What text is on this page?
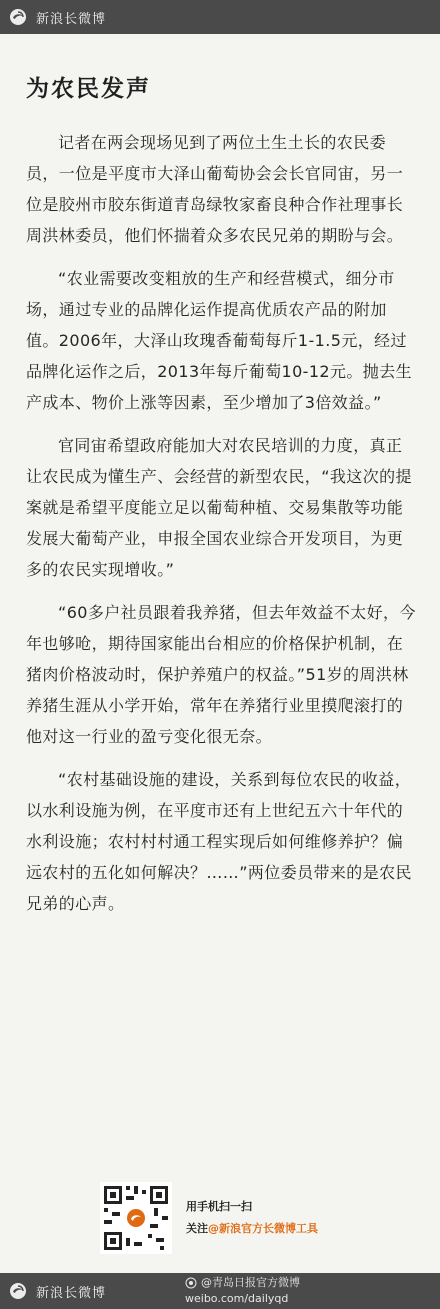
新浪长微博
为农民发声

记者在两会现场见到了两位土生土长的农民委员，一位是平度市大泽山葡萄协会会长官同宙，另一位是胶州市胶东街道青岛绿牧家畜良种合作社理事长周洪林委员，他们怀揣着众多农民兄弟的期盼与会。

“农业需要改变粗放的生产和经营模式，细分市场，通过专业的品牌化运作提高优质农产品的附加值。2006年，大泽山玫瑰香葡萄每斤1-1.5元，经过品牌化运作之后，2013年每斤葡萄10-12元。抛去生产成本、物价上涨等因素，至少增加了3倍效益。”

官同宙希望政府能加大对农民培训的力度，真正让农民成为懂生产、会经营的新型农民，“我这次的提案就是希望平度能立足以葡萄种植、交易集散等功能发展大葡萄产业，申报全国农业综合开发项目，为更多的农民实现增收。”

“60多户社员跟着我养猪，但去年效益不太好，今年也够呛，期待国家能出台相应的价格保护机制，在猪肉价格波动时，保护养殖户的权益。”51岁的周洪林养猪生涯从小学开始，常年在养猪行业里摸爬滚打的他对这一行业的盈亏变化很无奈。

“农村基础设施的建设，关系到每位农民的收益，以水利设施为例，在平度市还有上世纪五六十年代的水利设施；农村村村通工程实现后如何维修养护？偏远农村的五化如何解决？……”两位委员带来的是农民兄弟的心声。

用手机扫一扫
关注@新浪官方长微博工具
新浪长微博
@青岛日报官方微博
weibo.com/dailyqd
